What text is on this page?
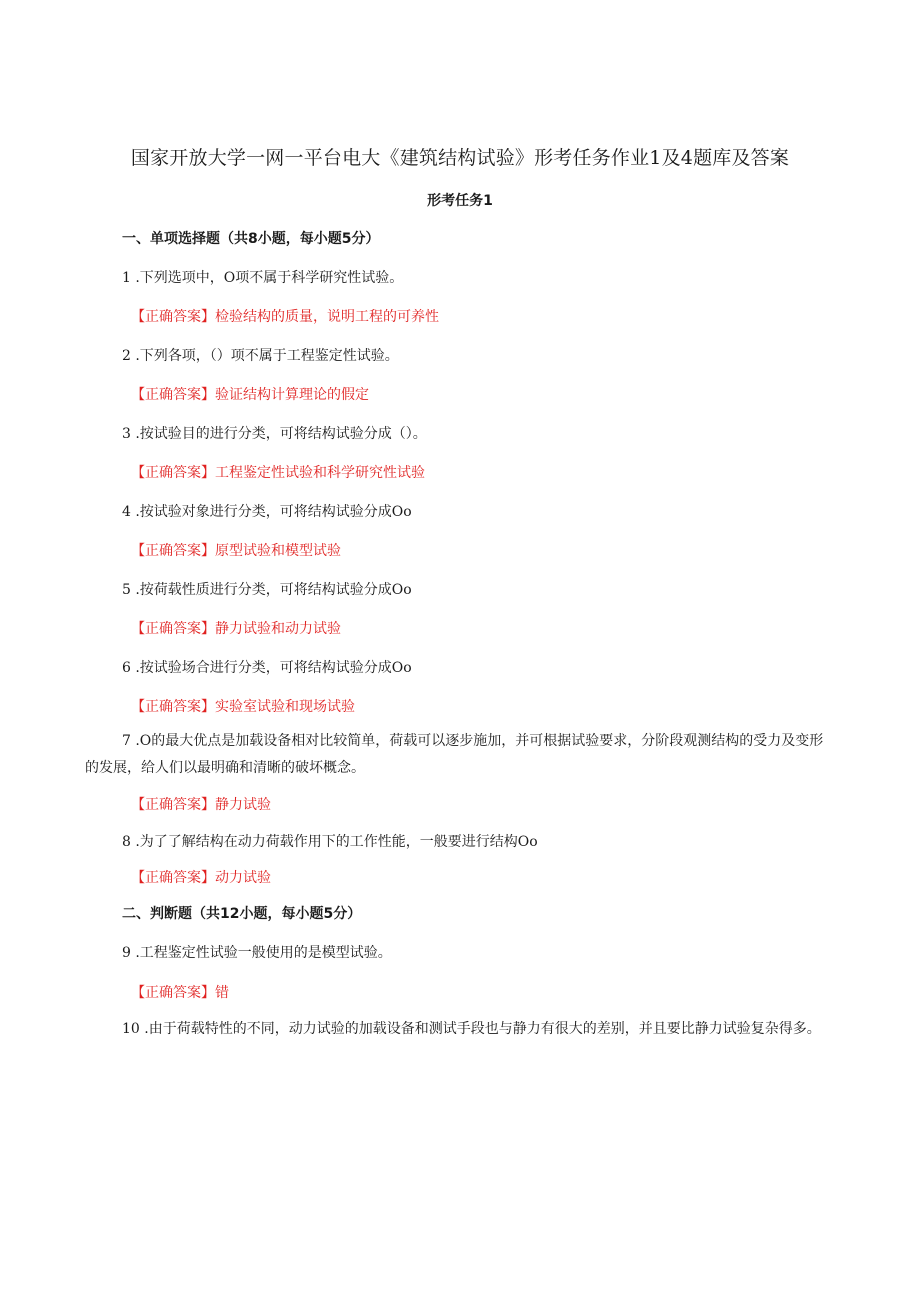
国家开放大学一网一平台电大《建筑结构试验》形考任务作业1及4题库及答案
形考任务1
一、单项选择题（共8小题，每小题5分）
1 .下列选项中，O项不属于科学研究性试验。
【正确答案】检验结构的质量，说明工程的可养性
2 .下列各项，（）项不属于工程鉴定性试验。
【正确答案】验证结构计算理论的假定
3 .按试验目的进行分类，可将结构试验分成（）。
【正确答案】工程鉴定性试验和科学研究性试验
4 .按试验对象进行分类，可将结构试验分成Oo
【正确答案】原型试验和模型试验
5 .按荷载性质进行分类，可将结构试验分成Oo
【正确答案】静力试验和动力试验
6 .按试验场合进行分类，可将结构试验分成Oo
【正确答案】实验室试验和现场试验
7 .O的最大优点是加载设备相对比较简单，荷载可以逐步施加，并可根据试验要求，分阶段观测结构的受力及变形的发展，给人们以最明确和清晰的破坏概念。
【正确答案】静力试验
8 .为了了解结构在动力荷载作用下的工作性能，一般要进行结构Oo
【正确答案】动力试验
二、判断题（共12小题，每小题5分）
9 .工程鉴定性试验一般使用的是模型试验。
【正确答案】错
10 .由于荷载特性的不同，动力试验的加载设备和测试手段也与静力有很大的差别，并且要比静力试验复杂得多。
